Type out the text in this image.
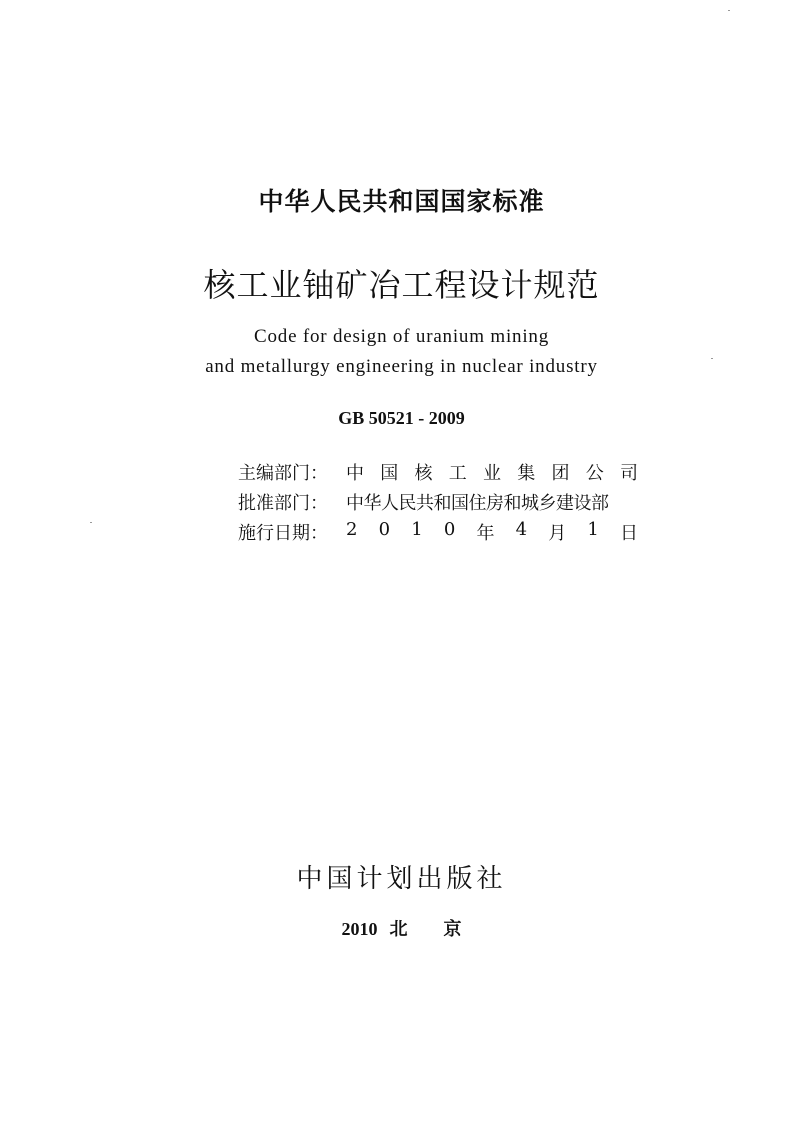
中华人民共和国国家标准
核工业铀矿冶工程设计规范
Code for design of uranium mining
and metallurgy engineering in nuclear industry
GB 50521 - 2009
主编部门：	中 国 核 工 业 集 团 公 司
批准部门：	中华人民共和国住房和城乡建设部
施行日期：	2 0 1 0 年 4 月 1 日
中国计划出版社
2010 北 京
